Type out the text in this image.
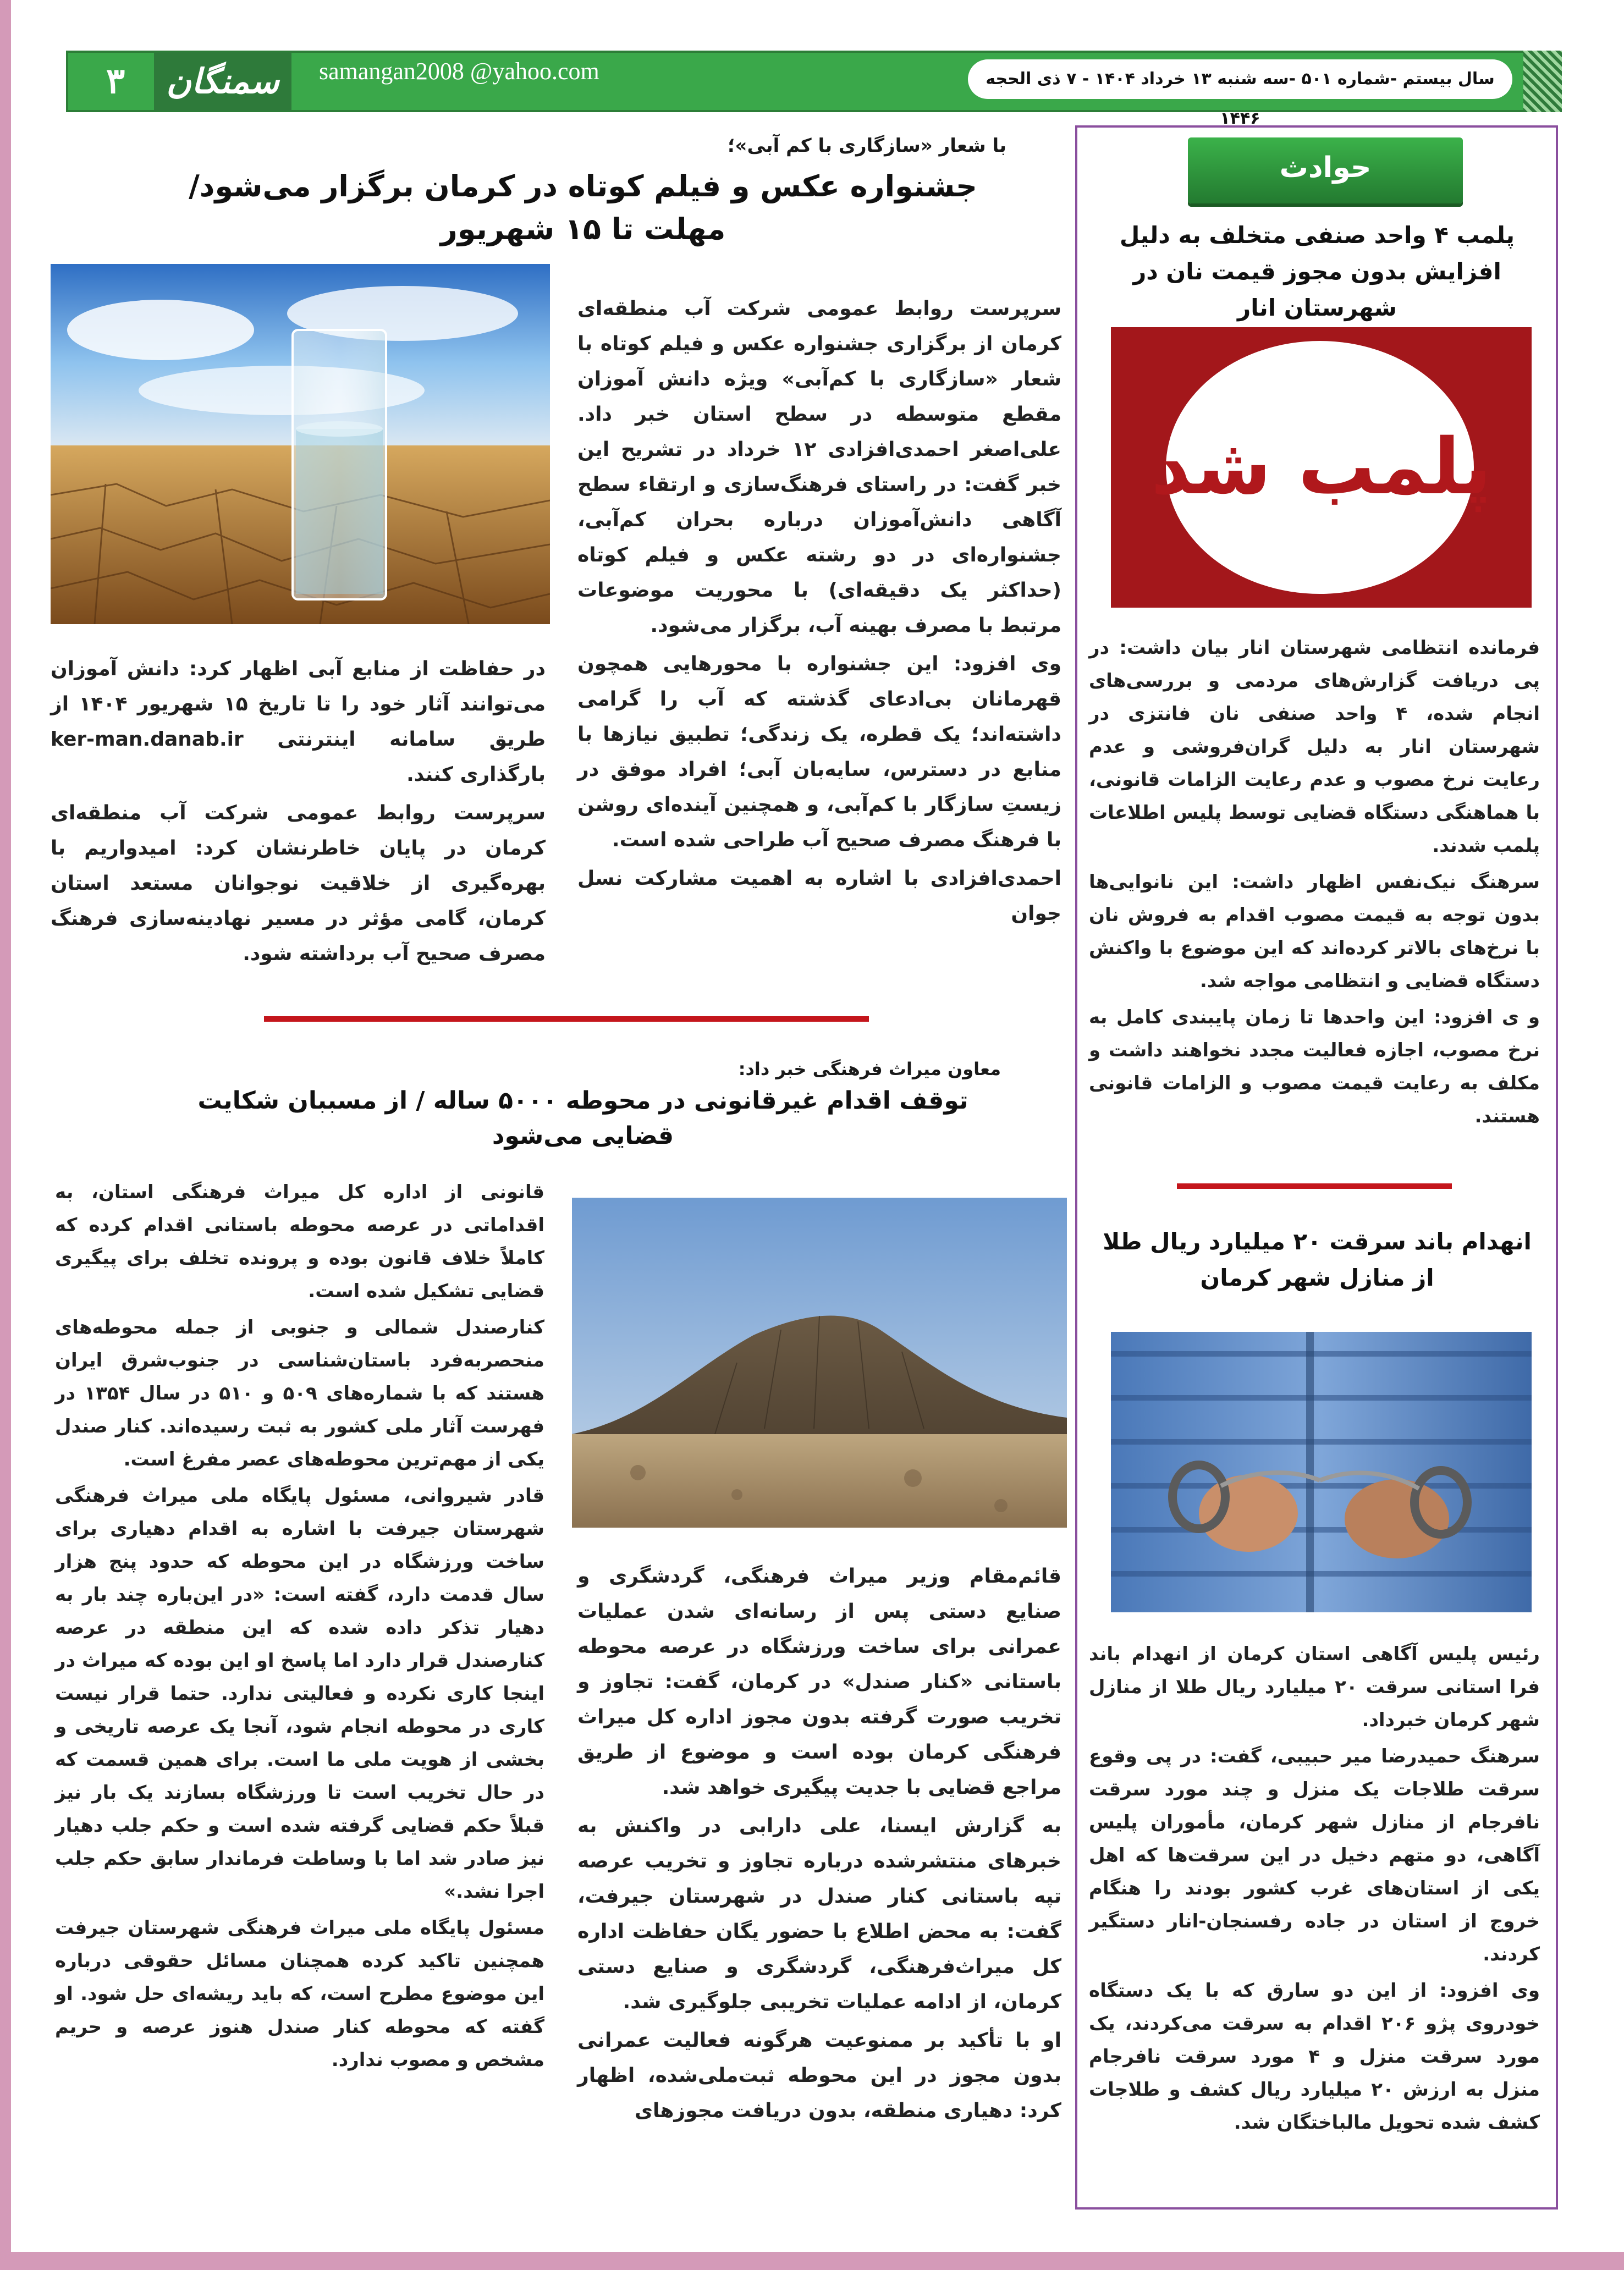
۳	سمنگان	samangan2008 @yahoo.com	سال بیستم -شماره ۵۰۱ -سه شنبه ۱۳ خرداد ۱۴۰۴ - ۷ ذی الحجه ۱۴۴۶
با شعار «سازگاری با کم آبی»؛
جشنواره عکس و فیلم کوتاه در کرمان برگزار می‌شود/ مهلت تا ۱۵ شهریور

سرپرست روابط عمومی شرکت آب منطقه‌ای کرمان از برگزاری جشنواره عکس و فیلم کوتاه با شعار «سازگاری با کم‌آبی» ویژه دانش آموزان مقطع متوسطه در سطح استان خبر داد. علی‌اصغر احمدی‌افزادی ۱۲ خرداد در تشریح این خبر گفت: در راستای فرهنگ‌سازی و ارتقاء سطح آگاهی دانش‌آموزان درباره بحران کم‌آبی، جشنواره‌ای در دو رشته عکس و فیلم کوتاه (حداکثر یک دقیقه‌ای) با محوریت موضوعات مرتبط با مصرف بهینه آب، برگزار می‌شود.

وی افزود: این جشنواره با محورهایی همچون قهرمانان بی‌ادعای گذشته که آب را گرامی داشته‌اند؛ یک قطره، یک زندگی؛ تطبیق نیازها با منابع در دسترس، سایه‌بان آبی؛ افراد موفق در زیستِ سازگار با کم‌آبی، و همچنین آینده‌ای روشن با فرهنگ مصرف صحیح آب طراحی شده است.

احمدی‌افزادی با اشاره به اهمیت مشارکت نسل جوان

در حفاظت از منابع آبی اظهار کرد: دانش آموزان می‌توانند آثار خود را تا تاریخ ۱۵ شهریور ۱۴۰۴ از طریق سامانه اینترنتی ker-man.danab.ir بارگذاری کنند.

سرپرست روابط عمومی شرکت آب منطقه‌ای کرمان در پایان خاطرنشان کرد: امیدواریم با بهره‌گیری از خلاقیت نوجوانان مستعد استان کرمان، گامی مؤثر در مسیر نهادینه‌سازی فرهنگ مصرف صحیح آب برداشته شود.

معاون میراث فرهنگی خبر داد:
توقف اقدام غیرقانونی در محوطه ۵۰۰۰ ساله / از مسببان شکایت قضایی می‌شود

قائم‌مقام وزیر میراث فرهنگی، گردشگری و صنایع دستی پس از رسانه‌ای شدن عملیات عمرانی برای ساخت ورزشگاه در عرصه محوطه باستانی «کنار صندل» در کرمان، گفت: تجاوز و تخریب صورت گرفته بدون مجوز اداره کل میراث فرهنگی کرمان بوده است و موضوع از طریق مراجع قضایی با جدیت پیگیری خواهد شد.

به گزارش ایسنا، علی دارابی در واکنش به خبرهای منتشرشده درباره تجاوز و تخریب عرصه تپه باستانی کنار صندل در شهرستان جیرفت، گفت: به محض اطلاع با حضور یگان حفاظت اداره کل میراث‌فرهنگی، گردشگری و صنایع دستی کرمان، از ادامه عملیات تخریبی جلوگیری شد.

او با تأکید بر ممنوعیت هرگونه فعالیت عمرانی بدون مجوز در این محوطه ثبت‌ملی‌شده، اظهار کرد: دهیاری منطقه، بدون دریافت مجوزهای

قانونی از اداره کل میراث فرهنگی استان، به اقداماتی در عرصه محوطه باستانی اقدام کرده که کاملاً خلاف قانون بوده و پرونده تخلف برای پیگیری قضایی تشکیل شده است.

کنارصندل شمالی و جنوبی از جمله محوطه‌های منحصربه‌فرد باستان‌شناسی در جنوب‌شرق ایران هستند که با شماره‌های ۵۰۹ و ۵۱۰ در سال ۱۳۵۴ در فهرست آثار ملی کشور به ثبت رسیده‌اند. کنار صندل یکی از مهم‌ترین محوطه‌های عصر مفرغ است.

قادر شیروانی، مسئول پایگاه ملی میراث فرهنگی شهرستان جیرفت با اشاره به اقدام دهیاری برای ساخت ورزشگاه در این محوطه که حدود پنج هزار سال قدمت دارد، گفته است: «در این‌باره چند بار به دهیار تذکر داده شده که این منطقه در عرصه کنارصندل قرار دارد اما پاسخ او این بوده که میراث در اینجا کاری نکرده و فعالیتی ندارد. حتما قرار نیست کاری در محوطه انجام شود، آنجا یک عرصه تاریخی و بخشی از هویت ملی ما است. برای همین قسمت که در حال تخریب است تا ورزشگاه بسازند یک بار نیز قبلاً حکم قضایی گرفته شده است و حکم جلب دهیار نیز صادر شد اما با وساطت فرماندار سابق حکم جلب اجرا نشد.»

مسئول پایگاه ملی میراث فرهنگی شهرستان جیرفت همچنین تاکید کرده همچنان مسائل حقوقی درباره این موضوع مطرح است، که باید ریشه‌ای حل شود. او گفته که محوطه کنار صندل هنوز عرصه و حریم مشخص و مصوب ندارد.

حوادث
پلمب ۴ واحد صنفی متخلف به دلیل افزایش بدون مجوز قیمت نان در شهرستان انار
پلمب شد

فرمانده انتظامی شهرستان انار بیان داشت: در پی دریافت گزارش‌های مردمی و بررسی‌های انجام شده، ۴ واحد صنفی نان فانتزی در شهرستان انار به دلیل گران‌فروشی و عدم رعایت نرخ مصوب و عدم رعایت الزامات قانونی، با هماهنگی دستگاه قضایی توسط پلیس اطلاعات پلمب شدند.

سرهنگ نیک‌نفس اظهار داشت: این نانوایی‌ها بدون توجه به قیمت مصوب اقدام به فروش نان با نرخ‌های بالاتر کرده‌اند که این موضوع با واکنش دستگاه قضایی و انتظامی مواجه شد.

و ی افزود: این واحدها تا زمان پایبندی کامل به نرخ مصوب، اجازه فعالیت مجدد نخواهند داشت و مکلف به رعایت قیمت مصوب و الزامات قانونی هستند.

انهدام باند سرقت ۲۰ میلیارد ریال طلا از منازل شهر کرمان

رئیس پلیس آگاهی استان کرمان از انهدام باند فرا استانی سرقت ۲۰ میلیارد ریال طلا از منازل شهر کرمان خبرداد.

سرهنگ حمیدرضا میر حبیبی، گفت: در پی وقوع سرقت طلاجات یک منزل و چند مورد سرقت نافرجام از منازل شهر کرمان، مأموران پلیس آگاهی، دو متهم دخیل در این سرقت‌ها که اهل یکی از استان‌های غرب کشور بودند را هنگام خروج از استان در جاده رفسنجان-انار دستگیر کردند.

وی افزود: از این دو سارق که با یک دستگاه خودروی پژو ۲۰۶ اقدام به سرقت می‌کردند، یک مورد سرقت منزل و ۴ مورد سرقت نافرجام منزل به ارزش ۲۰ میلیارد ریال کشف و طلاجات کشف شده تحویل مالباختگان شد.
